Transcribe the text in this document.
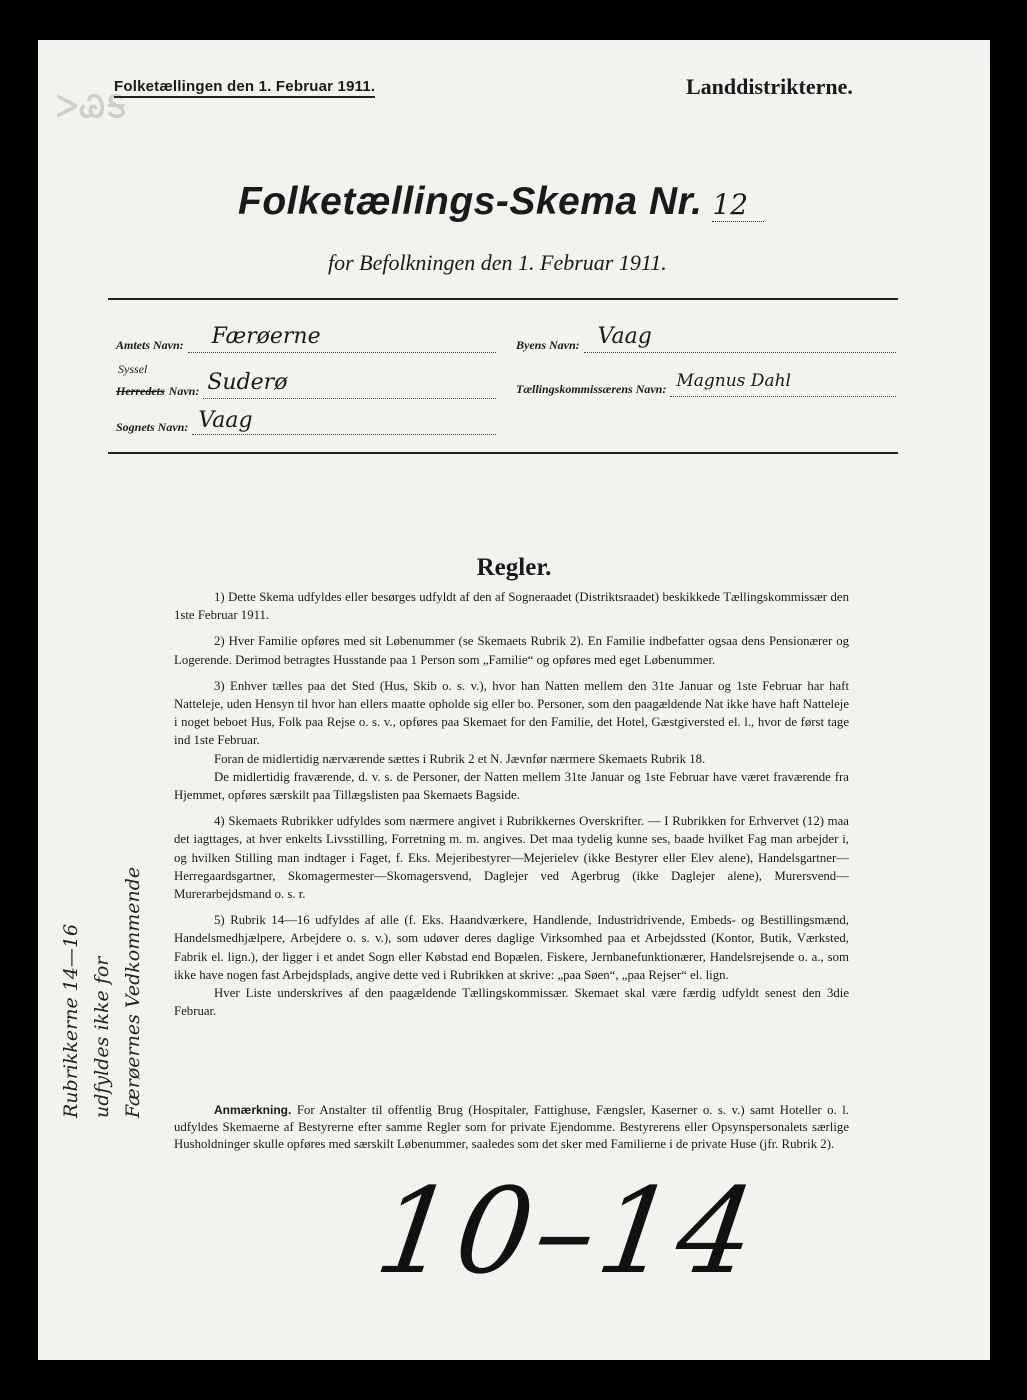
ᐳᏊᎦ
Folketællingen den 1. Februar 1911.	Landdistrikterne.
Folketællings-Skema Nr. 12
for Befolkningen den 1. Februar 1911.
Amtets Navn: Færøerne	Byens Navn: Vaag
Syssel
Herredets Navn: Suderø	Tællingskommissærens Navn: Magnus Dahl
Sognets Navn: Vaag
Regler.

1) Dette Skema udfyldes eller besørges udfyldt af den af Sogneraadet (Distriktsraadet) beskikkede Tællingskommissær den 1ste Februar 1911.

2) Hver Familie opføres med sit Løbenummer (se Skemaets Rubrik 2). En Familie indbefatter ogsaa dens Pensionærer og Logerende. Derimod betragtes Husstande paa 1 Person som „Familie“ og opføres med eget Løbenummer.

3) Enhver tælles paa det Sted (Hus, Skib o. s. v.), hvor han Natten mellem den 31te Januar og 1ste Februar har haft Natteleje, uden Hensyn til hvor han ellers maatte opholde sig eller bo. Personer, som den paagældende Nat ikke have haft Natteleje i noget beboet Hus, Folk paa Rejse o. s. v., opføres paa Skemaet for den Familie, det Hotel, Gæstgiversted el. l., hvor de først tage ind 1ste Februar.

Foran de midlertidig nærværende sættes i Rubrik 2 et N. Jævnfør nærmere Skemaets Rubrik 18.

De midlertidig fraværende, d. v. s. de Personer, der Natten mellem 31te Januar og 1ste Februar have været fraværende fra Hjemmet, opføres særskilt paa Tillægslisten paa Skemaets Bagside.

4) Skemaets Rubrikker udfyldes som nærmere angivet i Rubrikkernes Overskrifter. — I Rubrikken for Erhvervet (12) maa det iagttages, at hver enkelts Livsstilling, Forretning m. m. angives. Det maa tydelig kunne ses, baade hvilket Fag man arbejder i, og hvilken Stilling man indtager i Faget, f. Eks. Mejeribestyrer—Mejerielev (ikke Bestyrer eller Elev alene), Handelsgartner—Herregaardsgartner, Skomagermester—Skomagersvend, Daglejer ved Agerbrug (ikke Daglejer alene), Murersvend—Murerarbejdsmand o. s. r.

5) Rubrik 14—16 udfyldes af alle (f. Eks. Haandværkere, Handlende, Industridrivende, Embeds- og Bestillingsmænd, Handelsmedhjælpere, Arbejdere o. s. v.), som udøver deres daglige Virksomhed paa et Arbejdssted (Kontor, Butik, Værksted, Fabrik el. lign.), der ligger i et andet Sogn eller Købstad end Bopælen. Fiskere, Jernbanefunktionærer, Handelsrejsende o. a., som ikke have nogen fast Arbejdsplads, angive dette ved i Rubrikken at skrive: „paa Søen“, „paa Rejser“ el. lign.

Hver Liste underskrives af den paagældende Tællingskommissær. Skemaet skal være færdig udfyldt senest den 3die Februar.

Anmærkning. For Anstalter til offentlig Brug (Hospitaler, Fattighuse, Fængsler, Kaserner o. s. v.) samt Hoteller o. l. udfyldes Skemaerne af Bestyrerne efter samme Regler som for private Ejendomme. Bestyrerens eller Opsynspersonalets særlige Husholdninger skulle opføres med særskilt Løbenummer, saaledes som det sker med Familierne i de private Huse (jfr. Rubrik 2).
Rubrikkerne 14—16 udfyldes ikke for Færøernes Vedkommende
10–14
